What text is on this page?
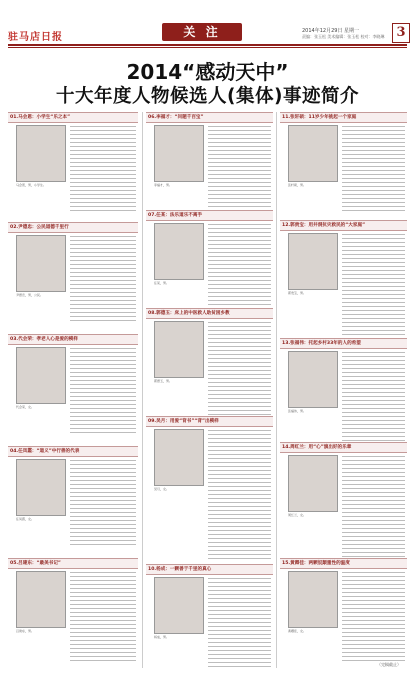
驻马店日报	关 注	2014年12月29日 星期一
责编：张玉松 美术编辑：张玉松 校对：李晓琳 3
2014“感动天中”
十大年度人物候选人(集体)事迹简介
01.马会恩：小学生“乐之本”
马会恩，男，小学生。
02.尹德忠：公民道德千里行
尹德忠，男，公民。
03.代会荣：孝老人心是爱的模样
代会荣，女。
04.任凤霞：“道义”中行善的代表
任凤霞，女。
05.吕建东：“最美书记”
吕建东，男。
06.李福才：“问题千百宝”
李福才，男。
07.任某：法乐道乐不离手
任某，男。
08.郭德玉：床上的中医救人助贫困乡教
郭德玉，男。
09.吴月：用爱“背书”“背”出模样
吴月，女。
10.杨成：一颗善于千里的真心
杨成，男。
11.张轩硕：11岁少年挑起一个家庭
张轩硕，男。
12.郭贵宝：用井洞抗灾救民的“大家庭”
郭贵宝，男。
13.张福伟：托起乡村33年的人的希望
张福伟，男。
14.周红兰：用“心”演出好的乐章
周红兰，女。
15.黄卿佳：两颗奴颠重性的温度
黄卿佳，女。
（完稿截止）
